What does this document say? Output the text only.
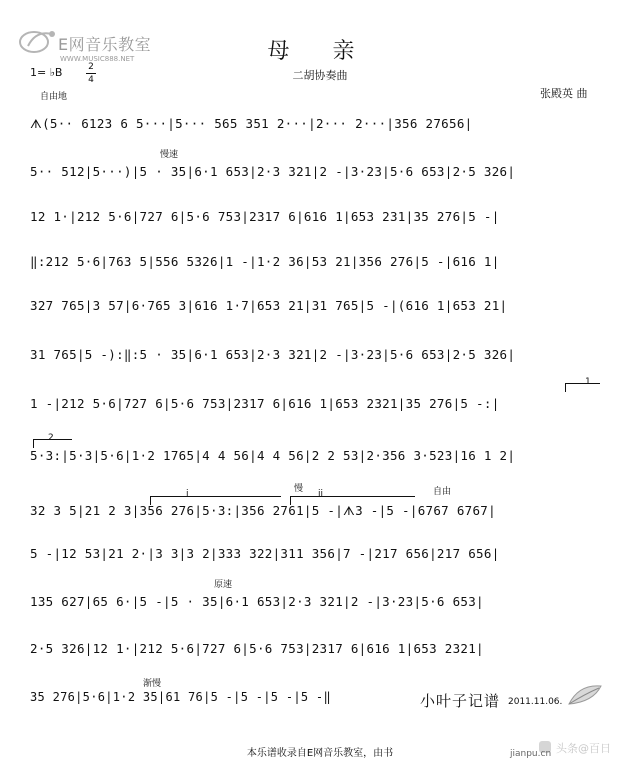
E网音乐教室
WWW.MUSIC888.NET	母 亲
二胡协奏曲
张殿英 曲
1= ♭B	2
4
自由地
ᗑ(5·· 6123 6 5···|5··· 565 351 2···|2··· 2···|356 27656|
慢速
5·· 512|5···)|5 · 35|6·1 653|2·3 321|2 -|3·23|5·6 653|2·5 326|
12 1·|212 5·6|727 6|5·6 753|2317 6|616 1|653 231|35 276|5 -|
‖:212 5·6|763 5|556 5326|1 -|1·2 36|53 21|356 276|5 -|616 1|
327 765|3 57|6·765 3|616 1·7|653 21|31 765|5 -|(616 1|653 21|
31 765|5 -):‖:5 · 35|6·1 653|2·3 321|2 -|3·23|5·6 653|2·5 326|
1
1 -|212 5·6|727 6|5·6 753|2317 6|616 1|653 2321|35 276|5 -:|
2
5·3:|5·3|5·6|1·2 1765|4 4 56|4 4 56|2 2 53|2·356 3·523|16 1 2|
i	慢 ii	自由
32 3 5|21 2 3|356 276|5·3:|356 2761|5 -|ᗑ3 -|5 -|6767 6767|
5 -|12 53|21 2·|3 3|3 2|333 322|311 356|7 -|217 656|217 656|
原速
135 627|65 6·|5 -|5 · 35|6·1 653|2·3 321|2 -|3·23|5·6 653|
2·5 326|12 1·|212 5·6|727 6|5·6 753|2317 6|616 1|653 2321|
渐慢
35 276|5·6|1·2 35|61 76|5 -|5 -|5 -|5 -‖	小叶子记谱 2011.11.06.
本乐谱收录自E网音乐教室，由书	头条@百日
jianpu.cn
